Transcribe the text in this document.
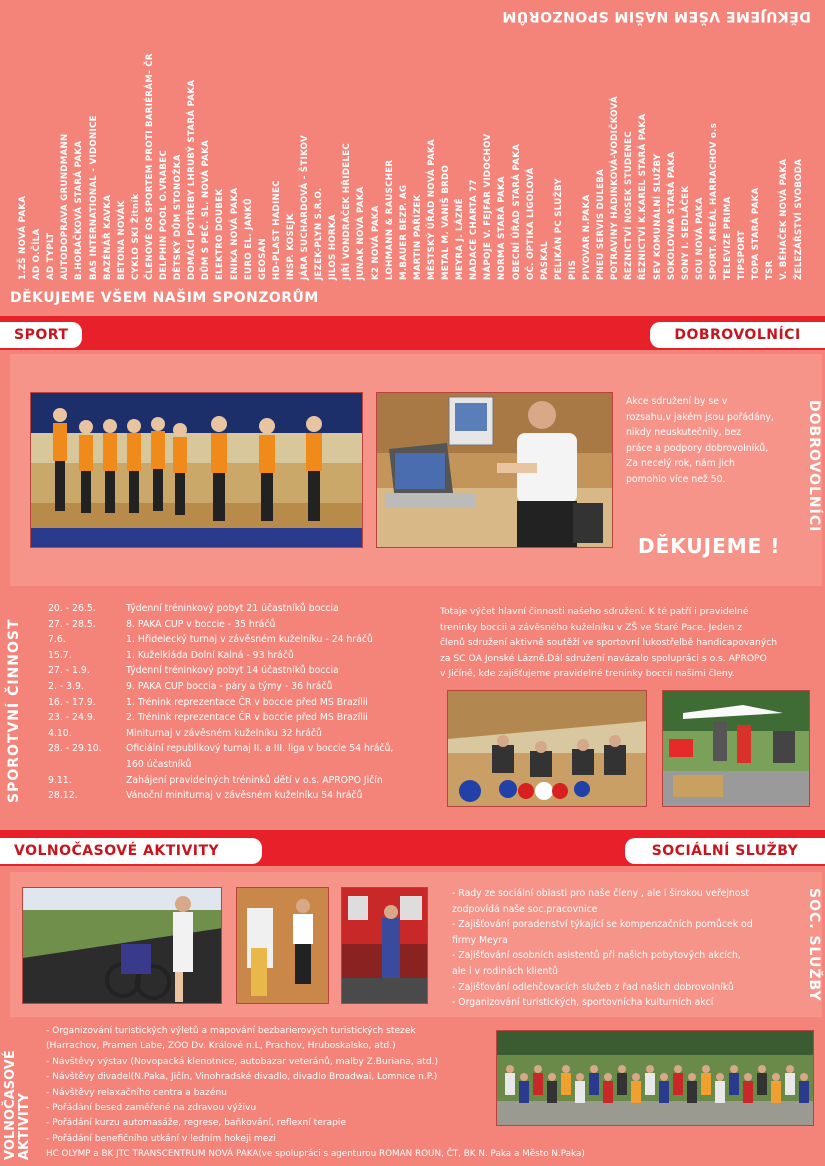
DĚKUJEME VŠEM NAŠIM SPONZORŮM
1.ZŠ NOVÁ PAKA AD O.ČÍLA AD TYPLT AUTODOPRAVA GRUNDMANN B.HORÁČKOVÁ STARÁ PAKA BAS INTERNATIONAL - VIDONICE BAZÉNÁŘ KAVKA BETONA NOVÁK CYKLO SKI Žitník ČLENOVÉ OS SPORTEM PROTI BARIÉRÁM- ČR DELPHIN POOL O.VRABEC DĚTSKÝ DŮM STONOŽKA DOMÁCÍ POTŘEBY LHRUBÝ STARÁ PAKA DŮM S PEČ. SL. NOVÁ PAKA ELEKTRO DOUBEK ENIKA NOVÁ PAKA EURO EL. JANKŮ GEOSAN HD-PLAST HADINEC INSP. KOSEJK JÁRA SUCHARDOVÁ - ŠTIKOV JEZEK-PLYN S.R.O. JILOS HORKA JIŘÍ VONDRÁČEK HŘIDELEC JUNAK NOVÁ PAKA K2 NOVÁ PAKA LOHMANN & RAUSCHER M.BAUER BEZP. AG MARTIN PAŘÍZEK MĚSTSKÝ ÚŘAD NOVÁ PAKA METAL M. VANIŠ BRDO MEYRA J. LÁZNĚ NADACE CHARTA 77 NÁPOJE V. FEJFAR VIDOCHOV NORMA STARÁ PAKA OBECNÍ ÚŘAD STARÁ PAKA OČ. OPTIKA LIGOLOVÁ PASKAL PELIKÁN PC SLUŽBY PIIS PIVOVAR N.PAKA PNEU SERVIS DULEBA POTRAVINY HADINKOVÁ-VODIČKOVÁ ŘEZNICTVÍ NOSEK STUDENEC ŘEZNICTVÍ K.KAREL STARÁ PAKA SEV KOMUNÁLNÍ SLUŽBY SOKOLOVNA STARÁ PAKA SONY I. SEDLÁČEK SOU NOVÁ PAKA SPORT. AREÁL HARRACHOV o.s TELEVIZE PRIMA TIPSPORT TOPA STARÁ PAKA TSR V. BĚHAČEK NOVÁ PAKA ŽELEZÁŘSTVÍ SVOBODA
DĚKUJEME VŠEM NAŠIM SPONZORŮM
SPORT	DOBROVOLNÍCI
Akce sdružení by se v
rozsahu,v jakém jsou pořádány,
nikdy neuskutečnily, bez
práce a podpory dobrovolníků,
Za necelý rok, nám jich
pomohlo více než 50.	DOBROVOLNÍCI
DĚKUJEME !
SPOROTVNÍ ČINNOST
20. - 26.5.	Týdenní tréninkový pobyt 21 účastníků boccia
27. - 28.5.	8. PAKA CUP v boccie - 35 hráčů
7.6.	1. Hřidelecký turnaj v závěsném kuželníku - 24 hráčů
15.7.	1. Kuželkiáda Dolní Kalná - 93 hráčů
27. - 1.9.	Týdenní tréninkový pobyt 14 účastníků boccia
2. - 3.9.	9. PAKA CUP boccia - páry a týmy - 36 hráčů
16. - 17.9.	1. Trénink reprezentace ČR v boccie před MS Brazílii
23. - 24.9.	2. Trénink reprezentace ČR v boccie před MS Brazílii
4.10.	Miniturnaj v závěsném kuželníku 32 hráčů
28. - 29.10.	Oficiální republikový turnaj II. a III. liga v boccie 54 hráčů,
160 účastníků
9.11.	Zahájení pravidelných tréninků dětí v o.s. APROPO Jičín
28.12.	Vánoční miniturnaj v závěsném kuželníku 54 hráčů
Totaje výčet hlavní činnosti našeho sdružení. K té patří i pravidelné
treninky boccii a závěsného kuželníku v ZŠ ve Staré Pace. Jeden z
členů sdružení aktivně soutěží ve sportovní lukostřelbě handicapovaných
za SC OA Jonské Lázně.Dál sdružení navázalo spolupráci s o.s. APROPO
v Jičíně, kde zajišťujeme pravidelné treninky boccii našimi členy.
VOLNOČASOVÉ AKTIVITY	SOCIÁLNÍ SLUŽBY
- Rady ze sociální oblasti pro naše členy , ale i širokou veřejnost
zodpovídá naše soc.pracovnice
- Zajišťování poradenství týkající se kompenzačních pomůcek od
firmy Meyra
- Zajišťování osobních asistentů při našich pobytových akcích,
ale i v rodinách klientů
- Zajišťování odlehčovacích služeb z řad našich dobrovolníků
- Organizování turistických, sportovnícha kulturních akcí
SOC. SLUŽBY
VOLNOČASOVÉ AKTIVITY
- Organizování turistických výletů a mapování bezbarierových turistických stezek
(Harrachov, Pramen Labe, ZOO Dv. Králové n.L, Prachov, Hruboskalsko, atd.)
- Návštěvy výstav (Novopacká klenotnice, autobazar veteránů, malby Z.Buriana, atd.)
- Návštěvy divadel(N.Paka, Jičín, Vinohradské divadlo, divadlo Broadwai, Lomnice n.P.)
- Návštěvy relaxačního centra a bazénu
- Pořádání besed zaměřené na zdravou výživu
- Pořádání kurzu automasáže, regrese, baňkování, reflexní terapie
- Pořádání benefičního utkání v ledním hokeji mezi
HC OLYMP a BK JTC TRANSCENTRUM NOVÁ PAKA(ve spolupráci s agenturou ROMAN ROUN, ČT, BK N. Paka a Město N.Paka)
